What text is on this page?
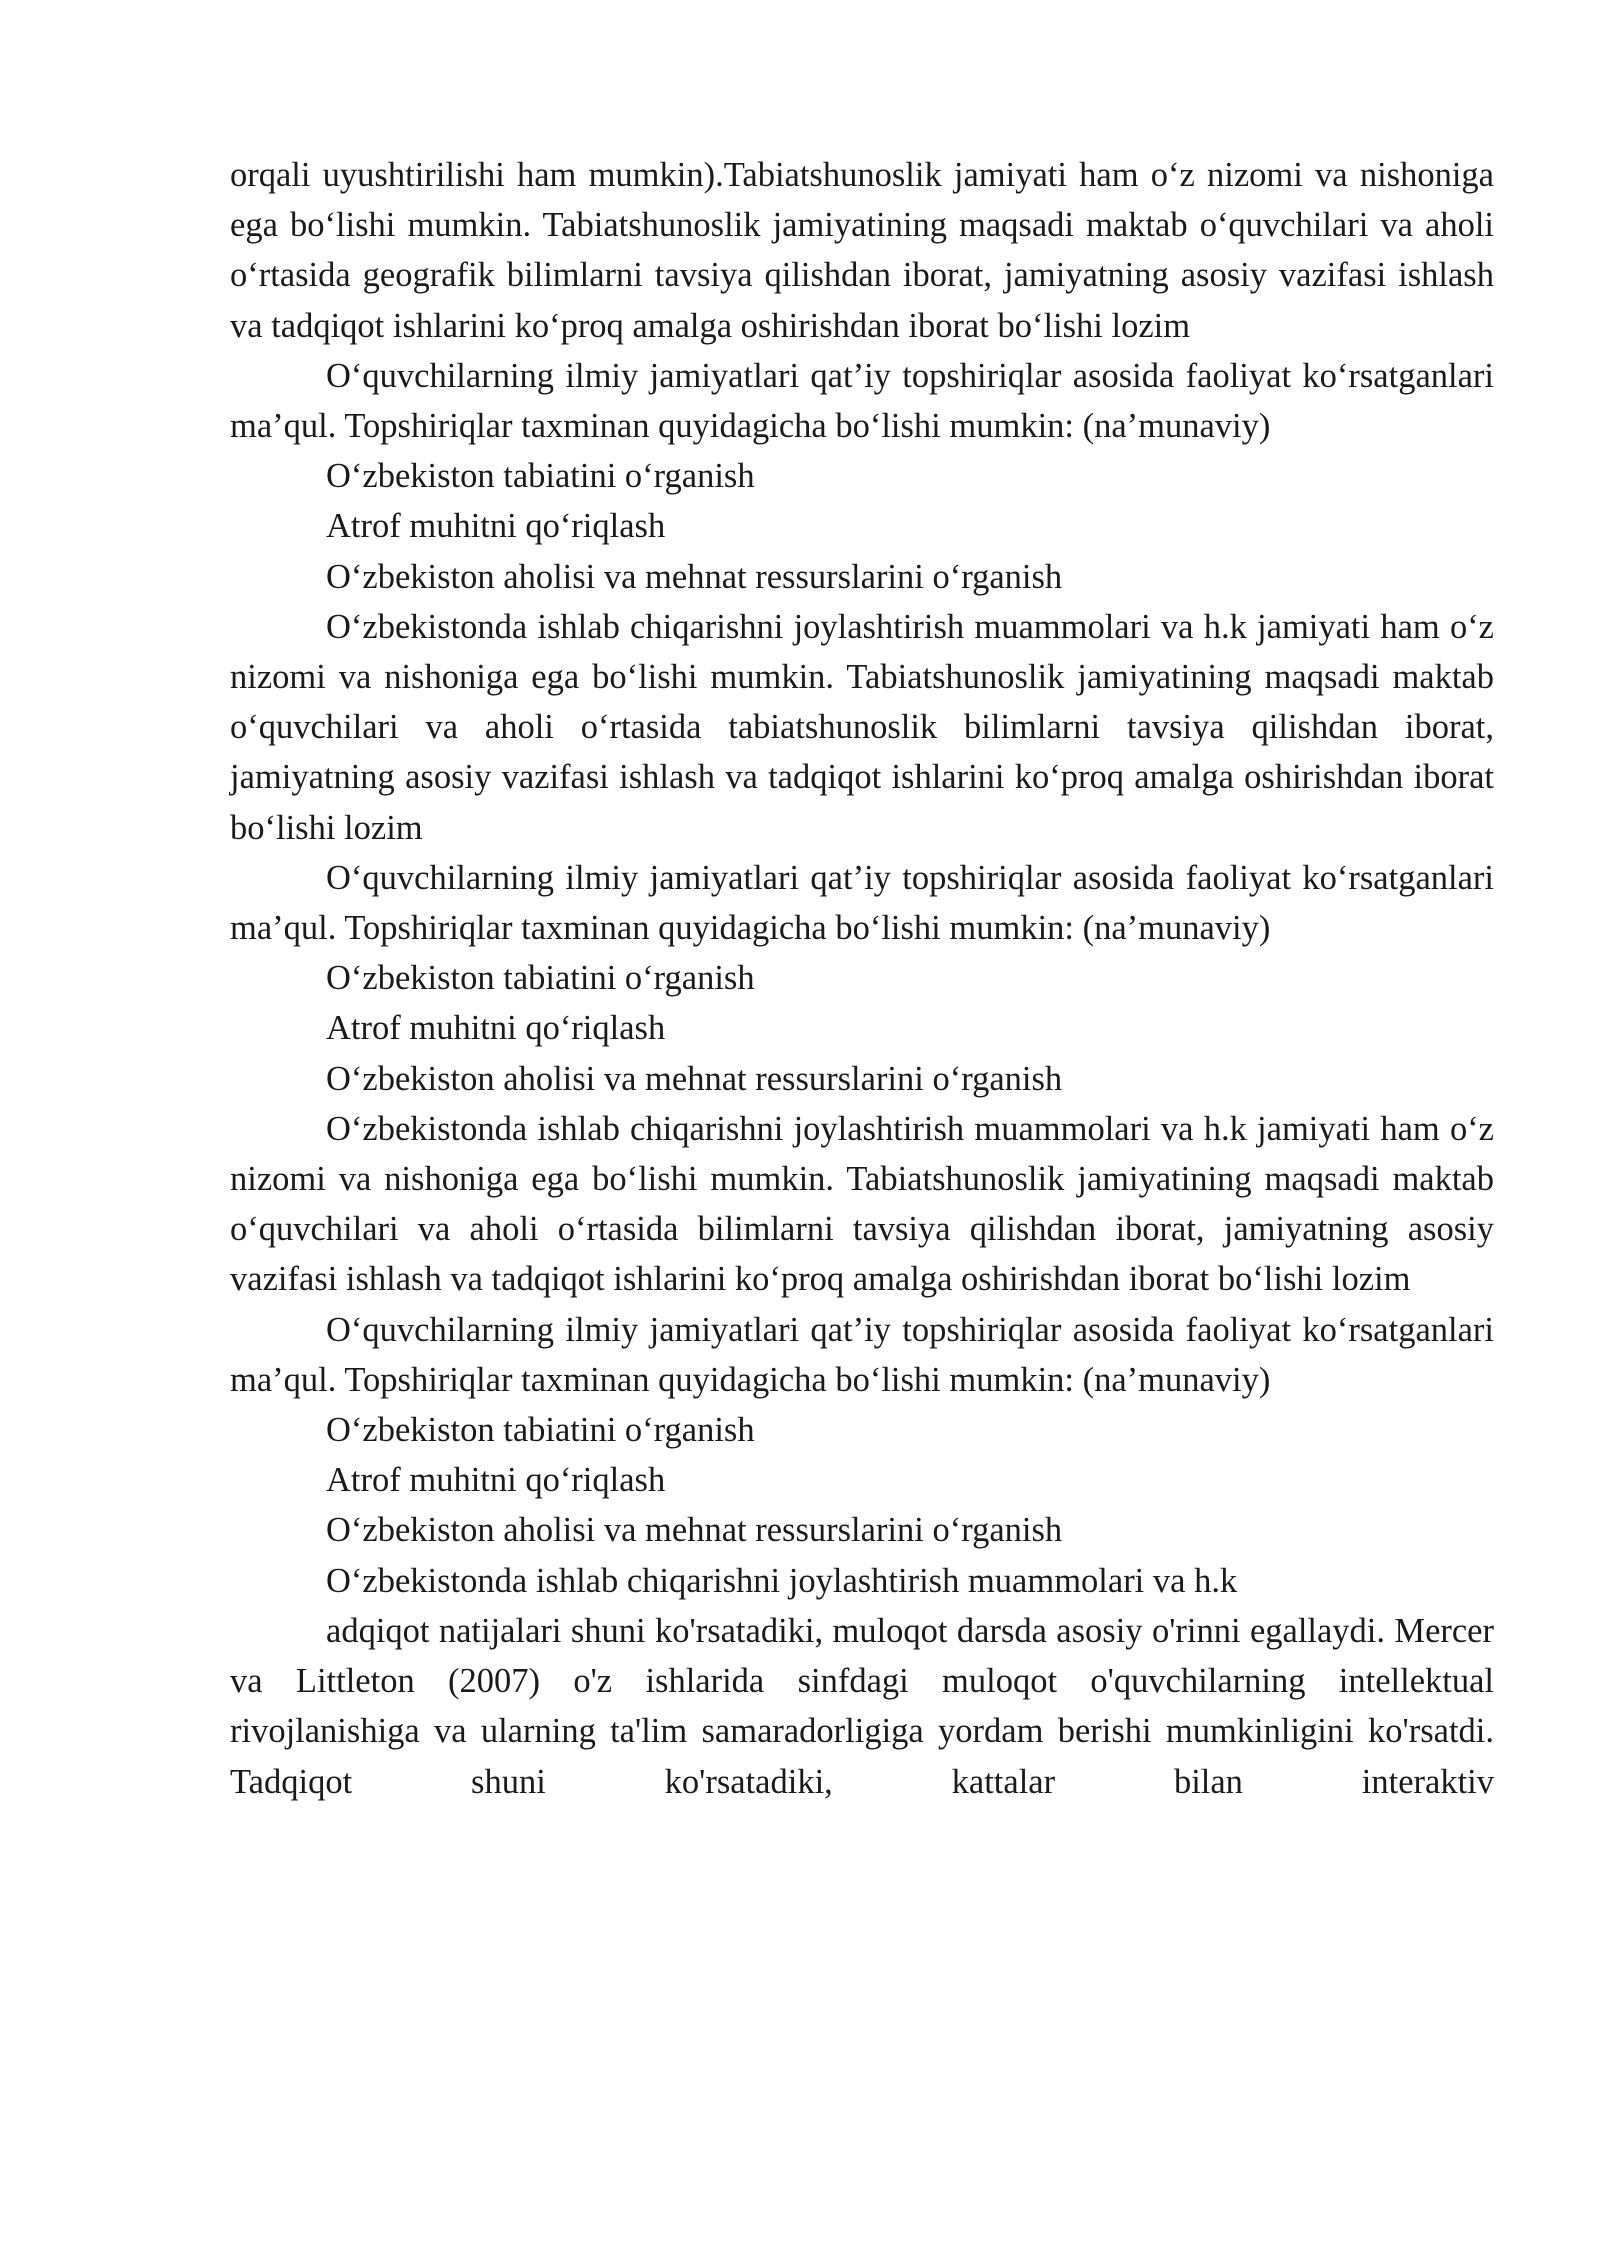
orqali uyushtirilishi ham mumkin).Tabiatshunoslik jamiyati ham oʻz nizomi va nishoniga ega boʻlishi mumkin. Tabiatshunoslik jamiyatining maqsadi maktab oʻquvchilari va aholi oʻrtasida geografik bilimlarni tavsiya qilishdan iborat, jamiyatning asosiy vazifasi ishlash va tadqiqot ishlarini koʻproq amalga oshirishdan iborat boʻlishi lozim

Oʻquvchilarning ilmiy jamiyatlari qat’iy topshiriqlar asosida faoliyat koʻrsatganlari ma’qul. Topshiriqlar taxminan quyidagicha boʻlishi mumkin: (na’munaviy)

Oʻzbekiston tabiatini oʻrganish

Atrof muhitni qoʻriqlash

Oʻzbekiston aholisi va mehnat ressurslarini oʻrganish

Oʻzbekistonda ishlab chiqarishni joylashtirish muammolari va h.k jamiyati ham oʻz nizomi va nishoniga ega boʻlishi mumkin. Tabiatshunoslik jamiyatining maqsadi maktab oʻquvchilari va aholi oʻrtasida tabiatshunoslik bilimlarni tavsiya qilishdan iborat, jamiyatning asosiy vazifasi ishlash va tadqiqot ishlarini koʻproq amalga oshirishdan iborat boʻlishi lozim

Oʻquvchilarning ilmiy jamiyatlari qat’iy topshiriqlar asosida faoliyat koʻrsatganlari ma’qul. Topshiriqlar taxminan quyidagicha boʻlishi mumkin: (na’munaviy)

Oʻzbekiston tabiatini oʻrganish

Atrof muhitni qoʻriqlash

Oʻzbekiston aholisi va mehnat ressurslarini oʻrganish

Oʻzbekistonda ishlab chiqarishni joylashtirish muammolari va h.k jamiyati ham oʻz nizomi va nishoniga ega boʻlishi mumkin. Tabiatshunoslik jamiyatining maqsadi maktab oʻquvchilari va aholi oʻrtasida bilimlarni tavsiya qilishdan iborat, jamiyatning asosiy vazifasi ishlash va tadqiqot ishlarini koʻproq amalga oshirishdan iborat boʻlishi lozim

Oʻquvchilarning ilmiy jamiyatlari qat’iy topshiriqlar asosida faoliyat koʻrsatganlari ma’qul. Topshiriqlar taxminan quyidagicha boʻlishi mumkin: (na’munaviy)

Oʻzbekiston tabiatini oʻrganish

Atrof muhitni qoʻriqlash

Oʻzbekiston aholisi va mehnat ressurslarini oʻrganish

Oʻzbekistonda ishlab chiqarishni joylashtirish muammolari va h.k

adqiqot natijalari shuni ko'rsatadiki, muloqot darsda asosiy o'rinni egallaydi. Mercer va Littleton (2007) o'z ishlarida sinfdagi muloqot o'quvchilarning intellektual rivojlanishiga va ularning ta'lim samaradorligiga yordam berishi mumkinligini ko'rsatdi. Tadqiqot shuni ko'rsatadiki, kattalar bilan interaktiv
